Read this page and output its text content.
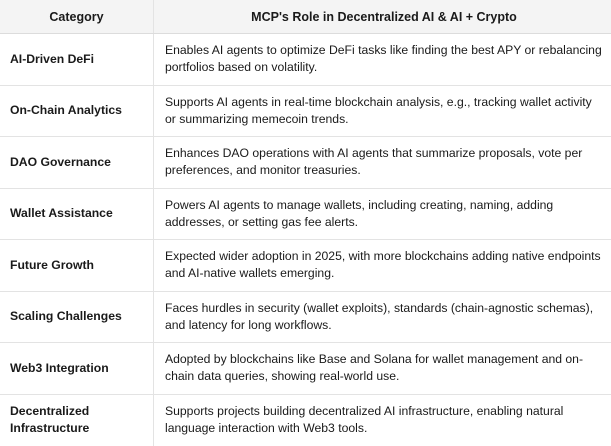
Category	MCP's Role in Decentralized AI & AI + Crypto
AI-Driven DeFi
Enables AI agents to optimize DeFi tasks like finding the best APY or rebalancing portfolios based on volatility.
On-Chain Analytics
Supports AI agents in real-time blockchain analysis, e.g., tracking wallet activity or summarizing memecoin trends.
DAO Governance
Enhances DAO operations with AI agents that summarize proposals, vote per preferences, and monitor treasuries.
Wallet Assistance
Powers AI agents to manage wallets, including creating, naming, adding addresses, or setting gas fee alerts.
Future Growth
Expected wider adoption in 2025, with more blockchains adding native endpoints and AI-native wallets emerging.
Scaling Challenges
Faces hurdles in security (wallet exploits), standards (chain-agnostic schemas), and latency for long workflows.
Web3 Integration
Adopted by blockchains like Base and Solana for wallet management and on-chain data queries, showing real-world use.
Decentralized Infrastructure
Supports projects building decentralized AI infrastructure, enabling natural language interaction with Web3 tools.
